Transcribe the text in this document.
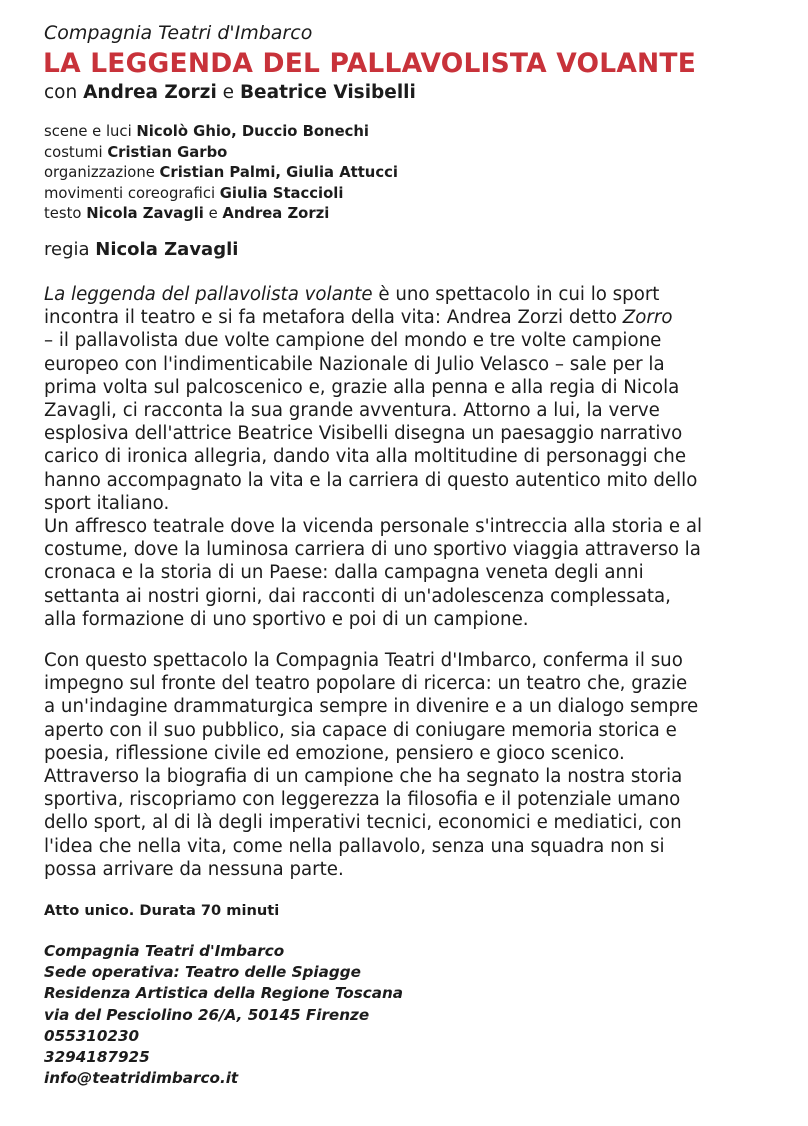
Compagnia Teatri d'Imbarco
LA LEGGENDA DEL PALLAVOLISTA VOLANTE
con Andrea Zorzi e Beatrice Visibelli
scene e luci Nicolò Ghio, Duccio Bonechi
costumi Cristian Garbo
organizzazione Cristian Palmi, Giulia Attucci
movimenti coreografici Giulia Staccioli
testo Nicola Zavagli e Andrea Zorzi
regia Nicola Zavagli
La leggenda del pallavolista volante è uno spettacolo in cui lo sport
incontra il teatro e si fa metafora della vita: Andrea Zorzi detto Zorro
– il pallavolista due volte campione del mondo e tre volte campione
europeo con l'indimenticabile Nazionale di Julio Velasco – sale per la
prima volta sul palcoscenico e, grazie alla penna e alla regia di Nicola
Zavagli, ci racconta la sua grande avventura. Attorno a lui, la verve
esplosiva dell'attrice Beatrice Visibelli disegna un paesaggio narrativo
carico di ironica allegria, dando vita alla moltitudine di personaggi che
hanno accompagnato la vita e la carriera di questo autentico mito dello
sport italiano.
Un affresco teatrale dove la vicenda personale s'intreccia alla storia e al
costume, dove la luminosa carriera di uno sportivo viaggia attraverso la
cronaca e la storia di un Paese: dalla campagna veneta degli anni
settanta ai nostri giorni, dai racconti di un'adolescenza complessata,
alla formazione di uno sportivo e poi di un campione.
Con questo spettacolo la Compagnia Teatri d'Imbarco, conferma il suo
impegno sul fronte del teatro popolare di ricerca: un teatro che, grazie
a un'indagine drammaturgica sempre in divenire e a un dialogo sempre
aperto con il suo pubblico, sia capace di coniugare memoria storica e
poesia, riflessione civile ed emozione, pensiero e gioco scenico.
Attraverso la biografia di un campione che ha segnato la nostra storia
sportiva, riscopriamo con leggerezza la filosofia e il potenziale umano
dello sport, al di là degli imperativi tecnici, economici e mediatici, con
l'idea che nella vita, come nella pallavolo, senza una squadra non si
possa arrivare da nessuna parte.
Atto unico. Durata 70 minuti
Compagnia Teatri d'Imbarco
Sede operativa: Teatro delle Spiagge
Residenza Artistica della Regione Toscana
via del Pesciolino 26/A, 50145 Firenze
055310230
3294187925
info@teatridimbarco.it
